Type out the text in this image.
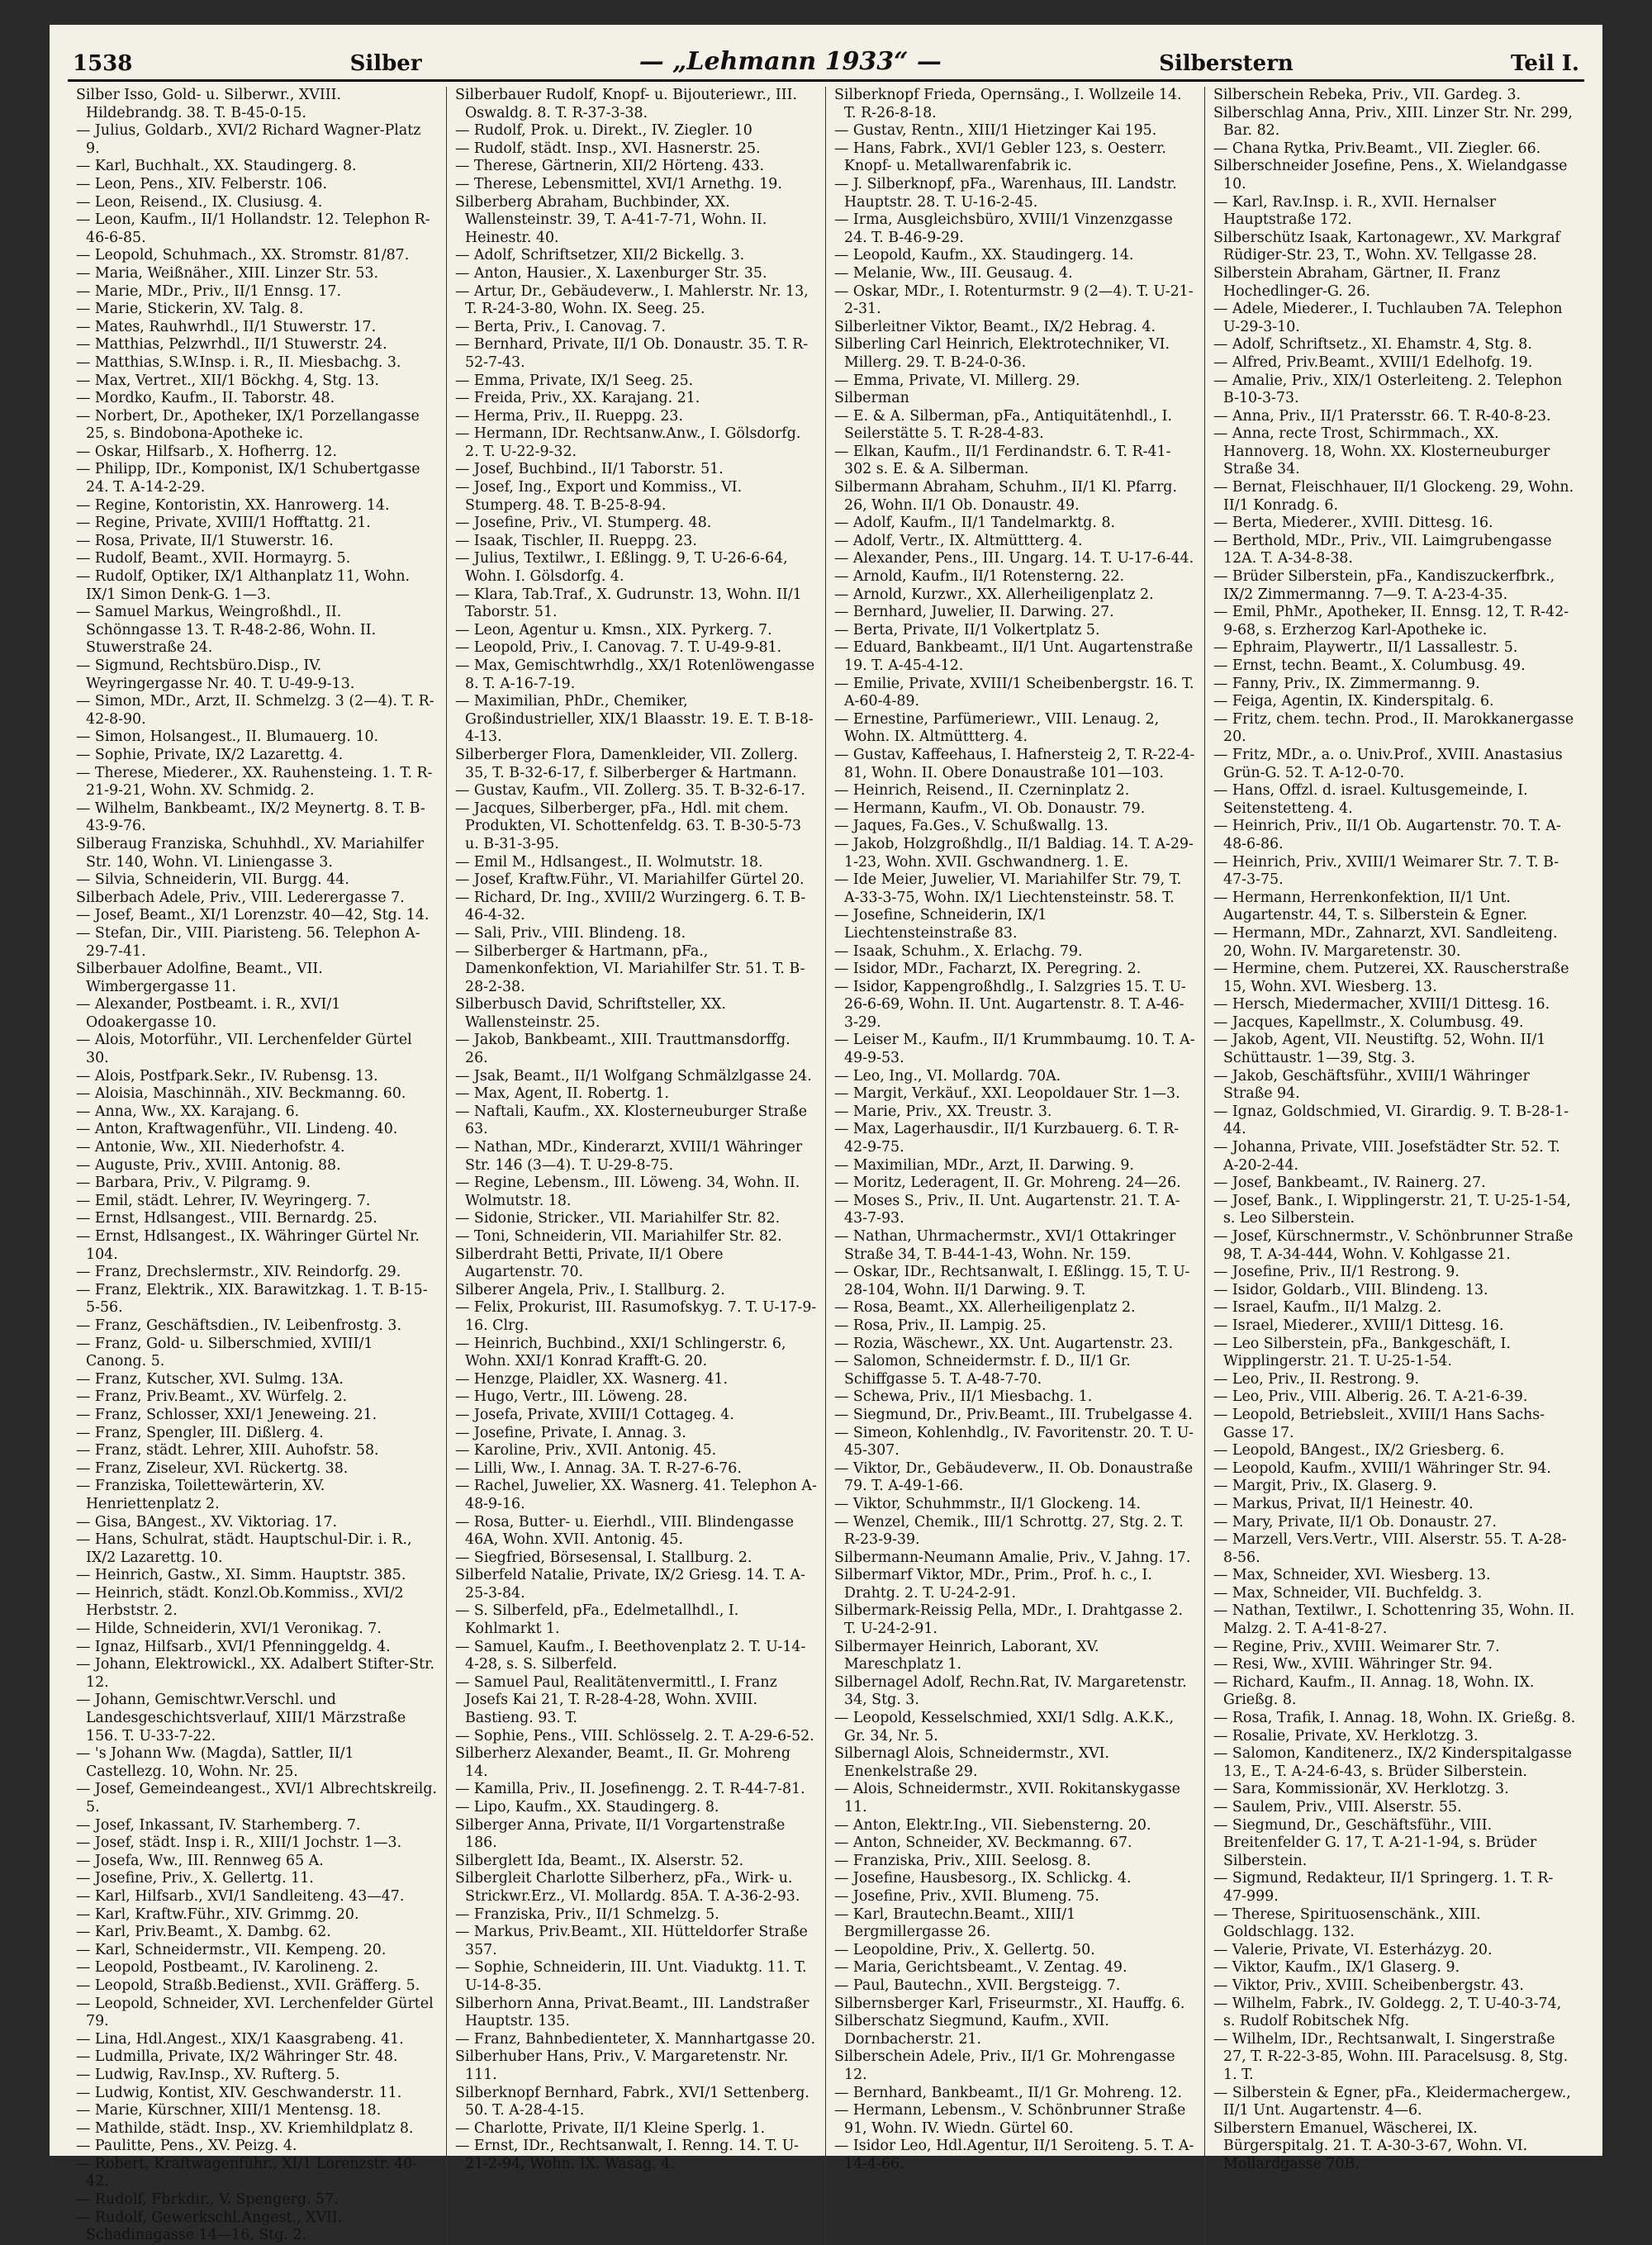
1538	Silber	— „Lehmann 1933“ —	Silberstern	Teil I.

Silber Isso, Gold- u. Silberwr., XVIII. Hildebrandg. 38. T. B-45-0-15.

— Julius, Goldarb., XVI/2 Richard Wagner-Platz 9.

— Karl, Buchhalt., XX. Staudingerg. 8.

— Leon, Pens., XIV. Felberstr. 106.

— Leon, Reisend., IX. Clusiusg. 4.

— Leon, Kaufm., II/1 Hollandstr. 12. Telephon R-46-6-85.

— Leopold, Schuhmach., XX. Stromstr. 81/87.

— Maria, Weißnäher., XIII. Linzer Str. 53.

— Marie, MDr., Priv., II/1 Ennsg. 17.

— Marie, Stickerin, XV. Talg. 8.

— Mates, Rauhwrhdl., II/1 Stuwerstr. 17.

— Matthias, Pelzwrhdl., II/1 Stuwerstr. 24.

— Matthias, S.W.Insp. i. R., II. Miesbachg. 3.

— Max, Vertret., XII/1 Böckhg. 4, Stg. 13.

— Mordko, Kaufm., II. Taborstr. 48.

— Norbert, Dr., Apotheker, IX/1 Porzellangasse 25, s. Bindobona-Apotheke ic.

— Oskar, Hilfsarb., X. Hofherrg. 12.

— Philipp, IDr., Komponist, IX/1 Schubertgasse 24. T. A-14-2-29.

— Regine, Kontoristin, XX. Hanrowerg. 14.

— Regine, Private, XVIII/1 Hofftattg. 21.

— Rosa, Private, II/1 Stuwerstr. 16.

— Rudolf, Beamt., XVII. Hormayrg. 5.

— Rudolf, Optiker, IX/1 Althanplatz 11, Wohn. IX/1 Simon Denk-G. 1—3.

— Samuel Markus, Weingroßhdl., II. Schönngasse 13. T. R-48-2-86, Wohn. II. Stuwerstraße 24.

— Sigmund, Rechtsbüro.Disp., IV. Weyringergasse Nr. 40. T. U-49-9-13.

— Simon, MDr., Arzt, II. Schmelzg. 3 (2—4). T. R-42-8-90.

— Simon, Holsangest., II. Blumauerg. 10.

— Sophie, Private, IX/2 Lazarettg. 4.

— Therese, Miederer., XX. Rauhensteing. 1. T. R-21-9-21, Wohn. XV. Schmidg. 2.

— Wilhelm, Bankbeamt., IX/2 Meynertg. 8. T. B-43-9-76.

Silberaug Franziska, Schuhhdl., XV. Mariahilfer Str. 140, Wohn. VI. Liniengasse 3.

— Silvia, Schneiderin, VII. Burgg. 44.

Silberbach Adele, Priv., VIII. Lederergasse 7.

— Josef, Beamt., XI/1 Lorenzstr. 40—42, Stg. 14.

— Stefan, Dir., VIII. Piaristeng. 56. Telephon A-29-7-41.

Silberbauer Adolfine, Beamt., VII. Wimbergergasse 11.

— Alexander, Postbeamt. i. R., XVI/1 Odoakergasse 10.

— Alois, Motorführ., VII. Lerchenfelder Gürtel 30.

— Alois, Postfpark.Sekr., IV. Rubensg. 13.

— Aloisia, Maschinnäh., XIV. Beckmanng. 60.

— Anna, Ww., XX. Karajang. 6.

— Anton, Kraftwagenführ., VII. Lindeng. 40.

— Antonie, Ww., XII. Niederhofstr. 4.

— Auguste, Priv., XVIII. Antonig. 88.

— Barbara, Priv., V. Pilgramg. 9.

— Emil, städt. Lehrer, IV. Weyringerg. 7.

— Ernst, Hdlsangest., VIII. Bernardg. 25.

— Ernst, Hdlsangest., IX. Währinger Gürtel Nr. 104.

— Franz, Drechslermstr., XIV. Reindorfg. 29.

— Franz, Elektrik., XIX. Barawitzkag. 1. T. B-15-5-56.

— Franz, Geschäftsdien., IV. Leibenfrostg. 3.

— Franz, Gold- u. Silberschmied, XVIII/1 Canong. 5.

— Franz, Kutscher, XVI. Sulmg. 13A.

— Franz, Priv.Beamt., XV. Würfelg. 2.

— Franz, Schlosser, XXI/1 Jeneweing. 21.

— Franz, Spengler, III. Dißlerg. 4.

— Franz, städt. Lehrer, XIII. Auhofstr. 58.

— Franz, Ziseleur, XVI. Rückertg. 38.

— Franziska, Toilettewärterin, XV. Henriettenplatz 2.

— Gisa, BAngest., XV. Viktoriag. 17.

— Hans, Schulrat, städt. Hauptschul-Dir. i. R., IX/2 Lazarettg. 10.

— Heinrich, Gastw., XI. Simm. Hauptstr. 385.

— Heinrich, städt. Konzl.Ob.Kommiss., XVI/2 Herbststr. 2.

— Hilde, Schneiderin, XVI/1 Veronikag. 7.

— Ignaz, Hilfsarb., XVI/1 Pfenninggeldg. 4.

— Johann, Elektrowickl., XX. Adalbert Stifter-Str. 12.

— Johann, Gemischtwr.Verschl. und Landesgeschichtsverlauf, XIII/1 Märzstraße 156. T. U-33-7-22.

— 's Johann Ww. (Magda), Sattler, II/1 Castellezg. 10, Wohn. Nr. 25.

— Josef, Gemeindeangest., XVI/1 Albrechtskreilg. 5.

— Josef, Inkassant, IV. Starhemberg. 7.

— Josef, städt. Insp i. R., XIII/1 Jochstr. 1—3.

— Josefa, Ww., III. Rennweg 65 A.

— Josefine, Priv., X. Gellertg. 11.

— Karl, Hilfsarb., XVI/1 Sandleiteng. 43—47.

— Karl, Kraftw.Führ., XIV. Grimmg. 20.

— Karl, Priv.Beamt., X. Dambg. 62.

— Karl, Schneidermstr., VII. Kempeng. 20.

— Leopold, Postbeamt., IV. Karolineng. 2.

— Leopold, Straßb.Bedienst., XVII. Gräfferg. 5.

— Leopold, Schneider, XVI. Lerchenfelder Gürtel 79.

— Lina, Hdl.Angest., XIX/1 Kaasgrabeng. 41.

— Ludmilla, Private, IX/2 Währinger Str. 48.

— Ludwig, Rav.Insp., XV. Rufterg. 5.

— Ludwig, Kontist, XIV. Geschwanderstr. 11.

— Marie, Kürschner, XIII/1 Mentensg. 18.

— Mathilde, städt. Insp., XV. Kriemhildplatz 8.

— Paulitte, Pens., XV. Peizg. 4.

— Robert, Kraftwagenführ., XI/1 Lorenzstr. 40-42.

— Rudolf, Fbrkdir., V. Spengerg. 57.

— Rudolf, Gewerkschl.Angest., XVII. Schadinagasse 14—16, Stg. 2.

Silberbauer Rudolf, Knopf- u. Bijouteriewr., III. Oswaldg. 8. T. R-37-3-38.

— Rudolf, Prok. u. Direkt., IV. Ziegler. 10

— Rudolf, städt. Insp., XVI. Hasnerstr. 25.

— Therese, Gärtnerin, XII/2 Hörteng. 433.

— Therese, Lebensmittel, XVI/1 Arnethg. 19.

Silberberg Abraham, Buchbinder, XX. Wallensteinstr. 39, T. A-41-7-71, Wohn. II. Heinestr. 40.

— Adolf, Schriftsetzer, XII/2 Bickellg. 3.

— Anton, Hausier., X. Laxenburger Str. 35.

— Artur, Dr., Gebäudeverw., I. Mahlerstr. Nr. 13, T. R-24-3-80, Wohn. IX. Seeg. 25.

— Berta, Priv., I. Canovag. 7.

— Bernhard, Private, II/1 Ob. Donaustr. 35. T. R-52-7-43.

— Emma, Private, IX/1 Seeg. 25.

— Freida, Priv., XX. Karajang. 21.

— Herma, Priv., II. Rueppg. 23.

— Hermann, IDr. Rechtsanw.Anw., I. Gölsdorfg. 2. T. U-22-9-32.

— Josef, Buchbind., II/1 Taborstr. 51.

— Josef, Ing., Export und Kommiss., VI. Stumperg. 48. T. B-25-8-94.

— Josefine, Priv., VI. Stumperg. 48.

— Isaak, Tischler, II. Rueppg. 23.

— Julius, Textilwr., I. Eßlingg. 9, T. U-26-6-64, Wohn. I. Gölsdorfg. 4.

— Klara, Tab.Traf., X. Gudrunstr. 13, Wohn. II/1 Taborstr. 51.

— Leon, Agentur u. Kmsn., XIX. Pyrkerg. 7.

— Leopold, Priv., I. Canovag. 7. T. U-49-9-81.

— Max, Gemischtwrhdlg., XX/1 Rotenlöwengasse 8. T. A-16-7-19.

— Maximilian, PhDr., Chemiker, Großindustrieller, XIX/1 Blaasstr. 19. E. T. B-18-4-13.

Silberberger Flora, Damenkleider, VII. Zollerg. 35, T. B-32-6-17, f. Silberberger & Hartmann.

— Gustav, Kaufm., VII. Zollerg. 35. T. B-32-6-17.

— Jacques, Silberberger, pFa., Hdl. mit chem. Produkten, VI. Schottenfeldg. 63. T. B-30-5-73 u. B-31-3-95.

— Emil M., Hdlsangest., II. Wolmutstr. 18.

— Josef, Kraftw.Führ., VI. Mariahilfer Gürtel 20.

— Richard, Dr. Ing., XVIII/2 Wurzingerg. 6. T. B-46-4-32.

— Sali, Priv., VIII. Blindeng. 18.

— Silberberger & Hartmann, pFa., Damenkonfektion, VI. Mariahilfer Str. 51. T. B-28-2-38.

Silberbusch David, Schriftsteller, XX. Wallensteinstr. 25.

— Jakob, Bankbeamt., XIII. Trauttmansdorffg. 26.

— Jsak, Beamt., II/1 Wolfgang Schmälzlgasse 24.

— Max, Agent, II. Robertg. 1.

— Naftali, Kaufm., XX. Klosterneuburger Straße 63.

— Nathan, MDr., Kinderarzt, XVIII/1 Währinger Str. 146 (3—4). T. U-29-8-75.

— Regine, Lebensm., III. Löweng. 34, Wohn. II. Wolmutstr. 18.

— Sidonie, Stricker., VII. Mariahilfer Str. 82.

— Toni, Schneiderin, VII. Mariahilfer Str. 82.

Silberdraht Betti, Private, II/1 Obere Augartenstr. 70.

Silberer Angela, Priv., I. Stallburg. 2.

— Felix, Prokurist, III. Rasumofskyg. 7. T. U-17-9-16. Clrg.

— Heinrich, Buchbind., XXI/1 Schlingerstr. 6, Wohn. XXI/1 Konrad Krafft-G. 20.

— Henzge, Plaidler, XX. Wasnerg. 41.

— Hugo, Vertr., III. Löweng. 28.

— Josefa, Private, XVIII/1 Cottageg. 4.

— Josefine, Private, I. Annag. 3.

— Karoline, Priv., XVII. Antonig. 45.

— Lilli, Ww., I. Annag. 3A. T. R-27-6-76.

— Rachel, Juwelier, XX. Wasnerg. 41. Telephon A-48-9-16.

— Rosa, Butter- u. Eierhdl., VIII. Blindengasse 46A, Wohn. XVII. Antonig. 45.

— Siegfried, Börsesensal, I. Stallburg. 2.

Silberfeld Natalie, Private, IX/2 Griesg. 14. T. A-25-3-84.

— S. Silberfeld, pFa., Edelmetallhdl., I. Kohlmarkt 1.

— Samuel, Kaufm., I. Beethovenplatz 2. T. U-14-4-28, s. S. Silberfeld.

— Samuel Paul, Realitätenvermittl., I. Franz Josefs Kai 21, T. R-28-4-28, Wohn. XVIII. Bastieng. 93. T.

— Sophie, Pens., VIII. Schlösselg. 2. T. A-29-6-52.

Silberherz Alexander, Beamt., II. Gr. Mohreng 14.

— Kamilla, Priv., II. Josefinengg. 2. T. R-44-7-81.

— Lipo, Kaufm., XX. Staudingerg. 8.

Silberger Anna, Private, II/1 Vorgartenstraße 186.

Silberglett Ida, Beamt., IX. Alserstr. 52.

Silbergleit Charlotte Silberherz, pFa., Wirk- u. Strickwr.Erz., VI. Mollardg. 85A. T. A-36-2-93.

— Franziska, Priv., II/1 Schmelzg. 5.

— Markus, Priv.Beamt., XII. Hütteldorfer Straße 357.

— Sophie, Schneiderin, III. Unt. Viaduktg. 11. T. U-14-8-35.

Silberhorn Anna, Privat.Beamt., III. Landstraßer Hauptstr. 135.

— Franz, Bahnbedienteter, X. Mannhartgasse 20.

Silberhuber Hans, Priv., V. Margaretenstr. Nr. 111.

Silberknopf Bernhard, Fabrk., XVI/1 Settenberg. 50. T. A-28-4-15.

— Charlotte, Private, II/1 Kleine Sperlg. 1.

— Ernst, IDr., Rechtsanwalt, I. Renng. 14. T. U-21-2-94, Wohn. IX. Wasag. 4.

Silberknopf Frieda, Opernsäng., I. Wollzeile 14. T. R-26-8-18.

— Gustav, Rentn., XIII/1 Hietzinger Kai 195.

— Hans, Fabrk., XVI/1 Gebler 123, s. Oesterr. Knopf- u. Metallwarenfabrik ic.

— J. Silberknopf, pFa., Warenhaus, III. Landstr. Hauptstr. 28. T. U-16-2-45.

— Irma, Ausgleichsbüro, XVIII/1 Vinzenzgasse 24. T. B-46-9-29.

— Leopold, Kaufm., XX. Staudingerg. 14.

— Melanie, Ww., III. Geusaug. 4.

— Oskar, MDr., I. Rotenturmstr. 9 (2—4). T. U-21-2-31.

Silberleitner Viktor, Beamt., IX/2 Hebrag. 4.

Silberling Carl Heinrich, Elektrotechniker, VI. Millerg. 29. T. B-24-0-36.

— Emma, Private, VI. Millerg. 29.

Silberman

— E. & A. Silberman, pFa., Antiquitätenhdl., I. Seilerstätte 5. T. R-28-4-83.

— Elkan, Kaufm., II/1 Ferdinandstr. 6. T. R-41-302 s. E. & A. Silberman.

Silbermann Abraham, Schuhm., II/1 Kl. Pfarrg. 26, Wohn. II/1 Ob. Donaustr. 49.

— Adolf, Kaufm., II/1 Tandelmarktg. 8.

— Adolf, Vertr., IX. Altmüttterg. 4.

— Alexander, Pens., III. Ungarg. 14. T. U-17-6-44.

— Arnold, Kaufm., II/1 Rotensterng. 22.

— Arnold, Kurzwr., XX. Allerheiligenplatz 2.

— Bernhard, Juwelier, II. Darwing. 27.

— Berta, Private, II/1 Volkertplatz 5.

— Eduard, Bankbeamt., II/1 Unt. Augartenstraße 19. T. A-45-4-12.

— Emilie, Private, XVIII/1 Scheibenbergstr. 16. T. A-60-4-89.

— Ernestine, Parfümeriewr., VIII. Lenaug. 2, Wohn. IX. Altmüttterg. 4.

— Gustav, Kaffeehaus, I. Hafnersteig 2, T. R-22-4-81, Wohn. II. Obere Donaustraße 101—103.

— Heinrich, Reisend., II. Czerninplatz 2.

— Hermann, Kaufm., VI. Ob. Donaustr. 79.

— Jaques, Fa.Ges., V. Schußwallg. 13.

— Jakob, Holzgroßhdlg., II/1 Baldiag. 14. T. A-29-1-23, Wohn. XVII. Gschwandnerg. 1. E.

— Ide Meier, Juwelier, VI. Mariahilfer Str. 79, T. A-33-3-75, Wohn. IX/1 Liechtensteinstr. 58. T.

— Josefine, Schneiderin, IX/1 Liechtensteinstraße 83.

— Isaak, Schuhm., X. Erlachg. 79.

— Isidor, MDr., Facharzt, IX. Peregring. 2.

— Isidor, Kappengroßhdlg., I. Salzgries 15. T. U-26-6-69, Wohn. II. Unt. Augartenstr. 8. T. A-46-3-29.

— Leiser M., Kaufm., II/1 Krummbaumg. 10. T. A-49-9-53.

— Leo, Ing., VI. Mollardg. 70A.

— Margit, Verkäuf., XXI. Leopoldauer Str. 1—3.

— Marie, Priv., XX. Treustr. 3.

— Max, Lagerhausdir., II/1 Kurzbauerg. 6. T. R-42-9-75.

— Maximilian, MDr., Arzt, II. Darwing. 9.

— Moritz, Lederagent, II. Gr. Mohreng. 24—26.

— Moses S., Priv., II. Unt. Augartenstr. 21. T. A-43-7-93.

— Nathan, Uhrmachermstr., XVI/1 Ottakringer Straße 34, T. B-44-1-43, Wohn. Nr. 159.

— Oskar, IDr., Rechtsanwalt, I. Eßlingg. 15, T. U-28-104, Wohn. II/1 Darwing. 9. T.

— Rosa, Beamt., XX. Allerheiligenplatz 2.

— Rosa, Priv., II. Lampig. 25.

— Rozia, Wäschewr., XX. Unt. Augartenstr. 23.

— Salomon, Schneidermstr. f. D., II/1 Gr. Schiffgasse 5. T. A-48-7-70.

— Schewa, Priv., II/1 Miesbachg. 1.

— Siegmund, Dr., Priv.Beamt., III. Trubelgasse 4.

— Simeon, Kohlenhdlg., IV. Favoritenstr. 20. T. U-45-307.

— Viktor, Dr., Gebäudeverw., II. Ob. Donaustraße 79. T. A-49-1-66.

— Viktor, Schuhmmstr., II/1 Glockeng. 14.

— Wenzel, Chemik., III/1 Schrottg. 27, Stg. 2. T. R-23-9-39.

Silbermann-Neumann Amalie, Priv., V. Jahng. 17.

Silbermarf Viktor, MDr., Prim., Prof. h. c., I. Drahtg. 2. T. U-24-2-91.

Silbermark-Reissig Pella, MDr., I. Drahtgasse 2. T. U-24-2-91.

Silbermayer Heinrich, Laborant, XV. Mareschplatz 1.

Silbernagel Adolf, Rechn.Rat, IV. Margaretenstr. 34, Stg. 3.

— Leopold, Kesselschmied, XXI/1 Sdlg. A.K.K., Gr. 34, Nr. 5.

Silbernagl Alois, Schneidermstr., XVI. Enenkelstraße 29.

— Alois, Schneidermstr., XVII. Rokitanskygasse 11.

— Anton, Elektr.Ing., VII. Siebensterng. 20.

— Anton, Schneider, XV. Beckmanng. 67.

— Franziska, Priv., XIII. Seelosg. 8.

— Josefine, Hausbesorg., IX. Schlickg. 4.

— Josefine, Priv., XVII. Blumeng. 75.

— Karl, Brautechn.Beamt., XIII/1 Bergmillergasse 26.

— Leopoldine, Priv., X. Gellertg. 50.

— Maria, Gerichtsbeamt., V. Zentag. 49.

— Paul, Bautechn., XVII. Bergsteigg. 7.

Silbernsberger Karl, Friseurmstr., XI. Hauffg. 6.

Silberschatz Siegmund, Kaufm., XVII. Dornbacherstr. 21.

Silberschein Adele, Priv., II/1 Gr. Mohrengasse 12.

— Bernhard, Bankbeamt., II/1 Gr. Mohreng. 12.

— Hermann, Lebensm., V. Schönbrunner Straße 91, Wohn. IV. Wiedn. Gürtel 60.

— Isidor Leo, Hdl.Agentur, II/1 Seroiteng. 5. T. A-14-4-66.

Silberschein Rebeka, Priv., VII. Gardeg. 3.

Silberschlag Anna, Priv., XIII. Linzer Str. Nr. 299, Bar. 82.

— Chana Rytka, Priv.Beamt., VII. Ziegler. 66.

Silberschneider Josefine, Pens., X. Wielandgasse 10.

— Karl, Rav.Insp. i. R., XVII. Hernalser Hauptstraße 172.

Silberschütz Isaak, Kartonagewr., XV. Markgraf Rüdiger-Str. 23, T., Wohn. XV. Tellgasse 28.

Silberstein Abraham, Gärtner, II. Franz Hochedlinger-G. 26.

— Adele, Miederer., I. Tuchlauben 7A. Telephon U-29-3-10.

— Adolf, Schriftsetz., XI. Ehamstr. 4, Stg. 8.

— Alfred, Priv.Beamt., XVIII/1 Edelhofg. 19.

— Amalie, Priv., XIX/1 Osterleiteng. 2. Telephon B-10-3-73.

— Anna, Priv., II/1 Pratersstr. 66. T. R-40-8-23.

— Anna, recte Trost, Schirmmach., XX. Hannoverg. 18, Wohn. XX. Klosterneuburger Straße 34.

— Bernat, Fleischhauer, II/1 Glockeng. 29, Wohn. II/1 Konradg. 6.

— Berta, Miederer., XVIII. Dittesg. 16.

— Berthold, MDr., Priv., VII. Laimgrubengasse 12A. T. A-34-8-38.

— Brüder Silberstein, pFa., Kandiszuckerfbrk., IX/2 Zimmermanng. 7—9. T. A-23-4-35.

— Emil, PhMr., Apotheker, II. Ennsg. 12, T. R-42-9-68, s. Erzherzog Karl-Apotheke ic.

— Ephraim, Playwertr., II/1 Lassallestr. 5.

— Ernst, techn. Beamt., X. Columbusg. 49.

— Fanny, Priv., IX. Zimmermanng. 9.

— Feiga, Agentin, IX. Kinderspitalg. 6.

— Fritz, chem. techn. Prod., II. Marokkanergasse 20.

— Fritz, MDr., a. o. Univ.Prof., XVIII. Anastasius Grün-G. 52. T. A-12-0-70.

— Hans, Offzl. d. israel. Kultusgemeinde, I. Seitenstetteng. 4.

— Heinrich, Priv., II/1 Ob. Augartenstr. 70. T. A-48-6-86.

— Heinrich, Priv., XVIII/1 Weimarer Str. 7. T. B-47-3-75.

— Hermann, Herrenkonfektion, II/1 Unt. Augartenstr. 44, T. s. Silberstein & Egner.

— Hermann, MDr., Zahnarzt, XVI. Sandleiteng. 20, Wohn. IV. Margaretenstr. 30.

— Hermine, chem. Putzerei, XX. Rauscherstraße 15, Wohn. XVI. Wiesberg. 13.

— Hersch, Miedermacher, XVIII/1 Dittesg. 16.

— Jacques, Kapellmstr., X. Columbusg. 49.

— Jakob, Agent, VII. Neustiftg. 52, Wohn. II/1 Schüttaustr. 1—39, Stg. 3.

— Jakob, Geschäftsführ., XVIII/1 Währinger Straße 94.

— Ignaz, Goldschmied, VI. Girardig. 9. T. B-28-1-44.

— Johanna, Private, VIII. Josefstädter Str. 52. T. A-20-2-44.

— Josef, Bankbeamt., IV. Rainerg. 27.

— Josef, Bank., I. Wipplingerstr. 21, T. U-25-1-54, s. Leo Silberstein.

— Josef, Kürschnermstr., V. Schönbrunner Straße 98, T. A-34-444, Wohn. V. Kohlgasse 21.

— Josefine, Priv., II/1 Restrong. 9.

— Isidor, Goldarb., VIII. Blindeng. 13.

— Israel, Kaufm., II/1 Malzg. 2.

— Israel, Miederer., XVIII/1 Dittesg. 16.

— Leo Silberstein, pFa., Bankgeschäft, I. Wipplingerstr. 21. T. U-25-1-54.

— Leo, Priv., II. Restrong. 9.

— Leo, Priv., VIII. Alberig. 26. T. A-21-6-39.

— Leopold, Betriebsleit., XVIII/1 Hans Sachs-Gasse 17.

— Leopold, BAngest., IX/2 Griesberg. 6.

— Leopold, Kaufm., XVIII/1 Währinger Str. 94.

— Margit, Priv., IX. Glaserg. 9.

— Markus, Privat, II/1 Heinestr. 40.

— Mary, Private, II/1 Ob. Donaustr. 27.

— Marzell, Vers.Vertr., VIII. Alserstr. 55. T. A-28-8-56.

— Max, Schneider, XVI. Wiesberg. 13.

— Max, Schneider, VII. Buchfeldg. 3.

— Nathan, Textilwr., I. Schottenring 35, Wohn. II. Malzg. 2. T. A-41-8-27.

— Regine, Priv., XVIII. Weimarer Str. 7.

— Resi, Ww., XVIII. Währinger Str. 94.

— Richard, Kaufm., II. Annag. 18, Wohn. IX. Grießg. 8.

— Rosa, Trafik, I. Annag. 18, Wohn. IX. Grießg. 8.

— Rosalie, Private, XV. Herklotzg. 3.

— Salomon, Kanditenerz., IX/2 Kinderspitalgasse 13, E., T. A-24-6-43, s. Brüder Silberstein.

— Sara, Kommissionär, XV. Herklotzg. 3.

— Saulem, Priv., VIII. Alserstr. 55.

— Siegmund, Dr., Geschäftsführ., VIII. Breitenfelder G. 17, T. A-21-1-94, s. Brüder Silberstein.

— Sigmund, Redakteur, II/1 Springerg. 1. T. R-47-999.

— Therese, Spirituosenschänk., XIII. Goldschlagg. 132.

— Valerie, Private, VI. Esterházyg. 20.

— Viktor, Kaufm., IX/1 Glaserg. 9.

— Viktor, Priv., XVIII. Scheibenbergstr. 43.

— Wilhelm, Fabrk., IV. Goldegg. 2, T. U-40-3-74, s. Rudolf Robitschek Nfg.

— Wilhelm, IDr., Rechtsanwalt, I. Singerstraße 27, T. R-22-3-85, Wohn. III. Paracelsusg. 8, Stg. 1. T.

— Silberstein & Egner, pFa., Kleidermachergew., II/1 Unt. Augartenstr. 4—6.

Silberstern Emanuel, Wäscherei, IX. Bürgerspitalg. 21. T. A-30-3-67, Wohn. VI. Mollardgasse 70B.
